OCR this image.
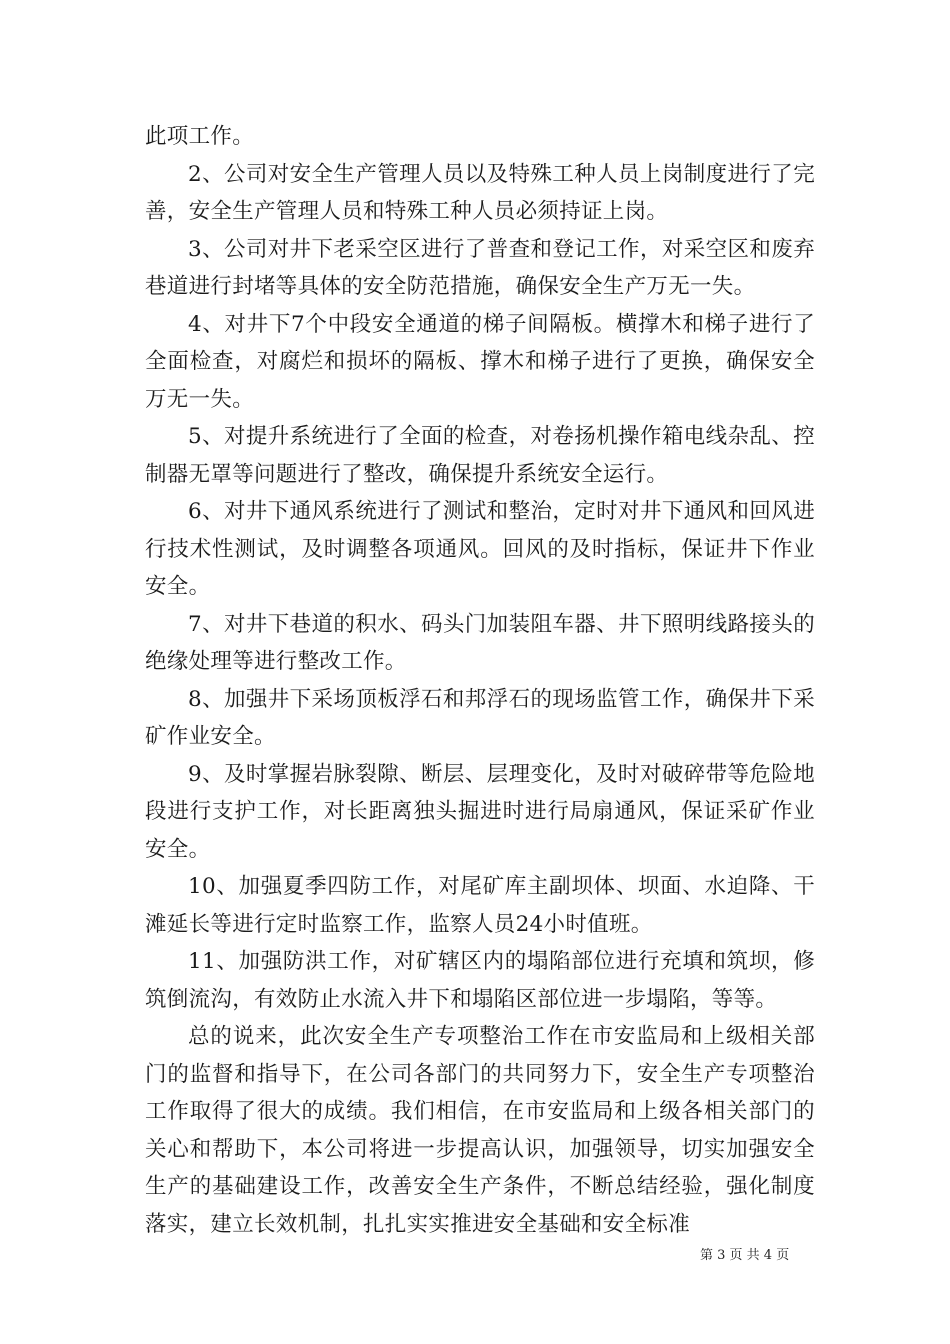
此项工作。

2、公司对安全生产管理人员以及特殊工种人员上岗制度进行了完善，安全生产管理人员和特殊工种人员必须持证上岗。

3、公司对井下老采空区进行了普查和登记工作，对采空区和废弃巷道进行封堵等具体的安全防范措施，确保安全生产万无一失。

4、对井下7个中段安全通道的梯子间隔板。横撑木和梯子进行了全面检查，对腐烂和损坏的隔板、撑木和梯子进行了更换，确保安全万无一失。

5、对提升系统进行了全面的检查，对卷扬机操作箱电线杂乱、控制器无罩等问题进行了整改，确保提升系统安全运行。

6、对井下通风系统进行了测试和整治，定时对井下通风和回风进行技术性测试，及时调整各项通风。回风的及时指标，保证井下作业安全。

7、对井下巷道的积水、码头门加装阻车器、井下照明线路接头的绝缘处理等进行整改工作。

8、加强井下采场顶板浮石和邦浮石的现场监管工作，确保井下采矿作业安全。

9、及时掌握岩脉裂隙、断层、层理变化，及时对破碎带等危险地段进行支护工作，对长距离独头掘进时进行局扇通风，保证采矿作业安全。

10、加强夏季四防工作，对尾矿库主副坝体、坝面、水迫降、干滩延长等进行定时监察工作，监察人员24小时值班。

11、加强防洪工作，对矿辖区内的塌陷部位进行充填和筑坝，修筑倒流沟，有效防止水流入井下和塌陷区部位进一步塌陷，等等。

总的说来，此次安全生产专项整治工作在市安监局和上级相关部门的监督和指导下，在公司各部门的共同努力下，安全生产专项整治工作取得了很大的成绩。我们相信，在市安监局和上级各相关部门的关心和帮助下，本公司将进一步提高认识，加强领导，切实加强安全生产的基础建设工作，改善安全生产条件，不断总结经验，强化制度落实，建立长效机制，扎扎实实推进安全基础和安全标准

第 3 页 共 4 页
